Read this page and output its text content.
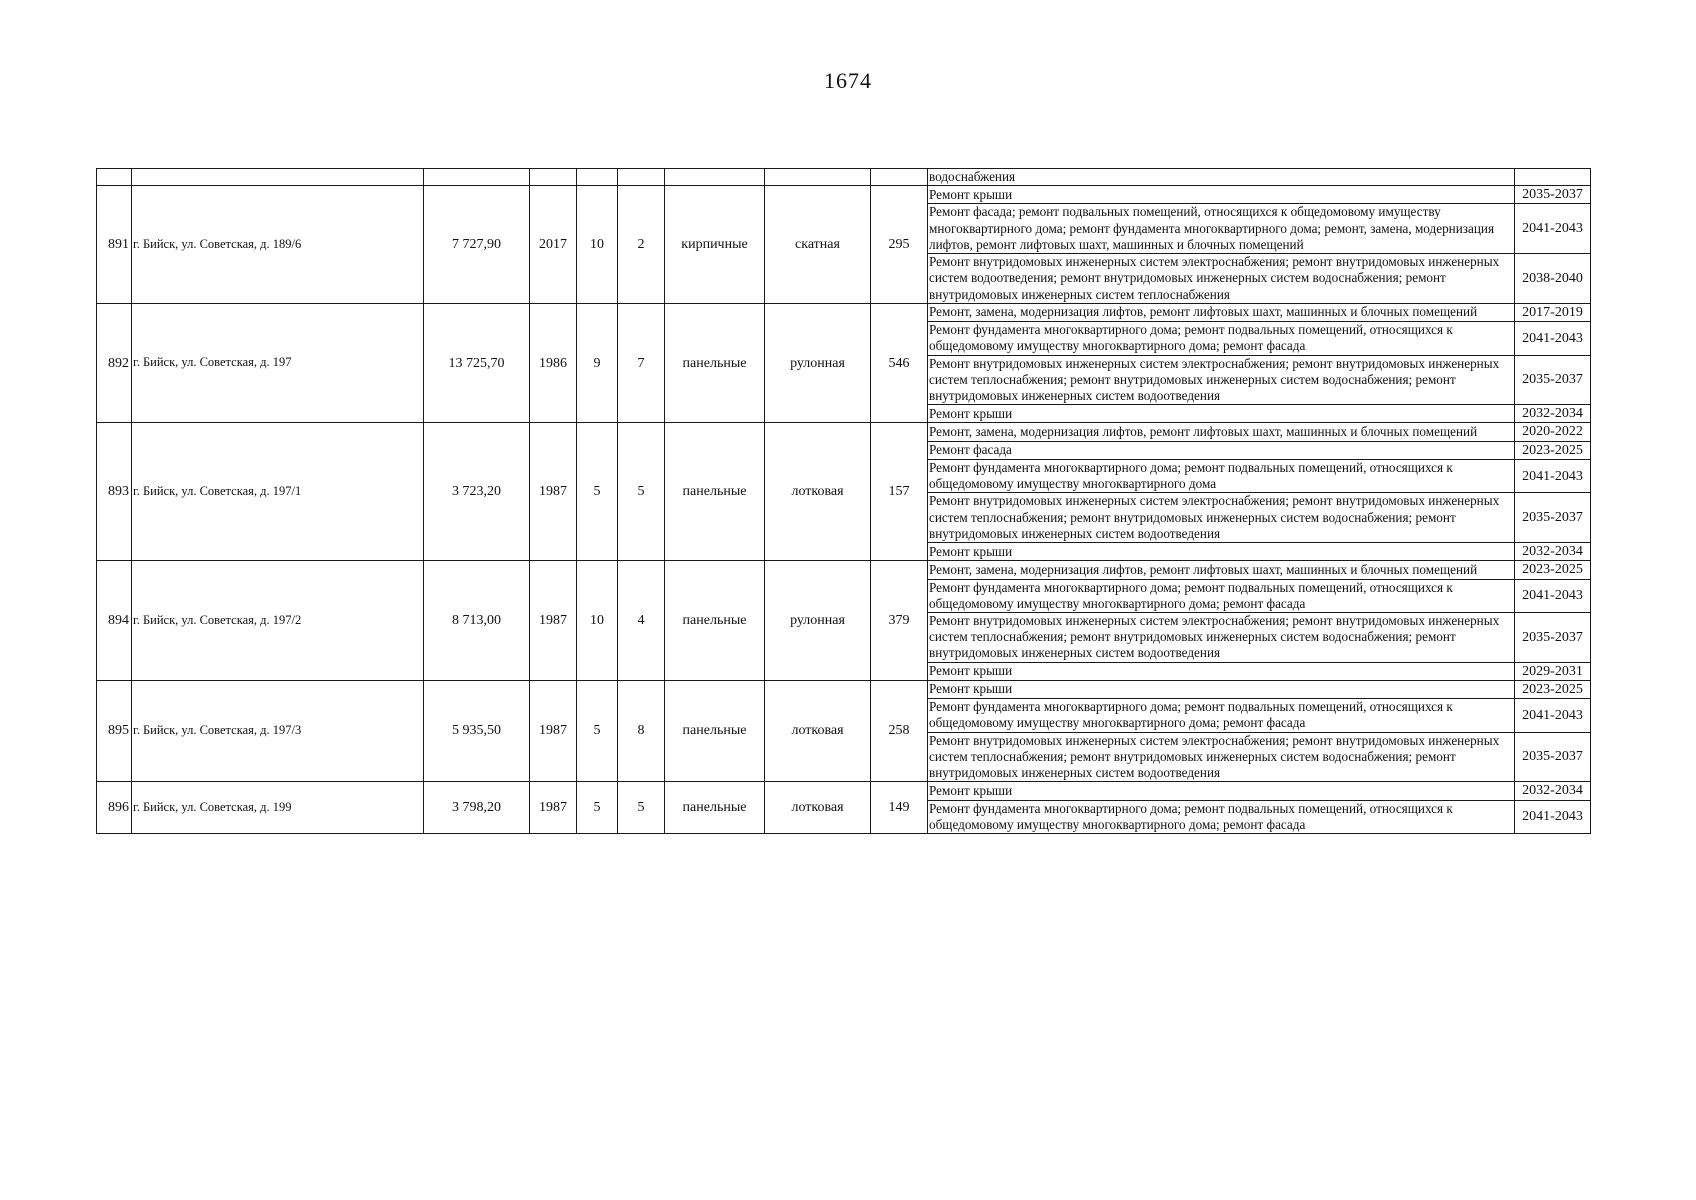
1674
									водоснабжения	
891	г. Бийск, ул. Советская, д. 189/6	7 727,90	2017	10	2	кирпичные	скатная	295	Ремонт крыши	2035-2037
									Ремонт фасада; ремонт подвальных помещений, относящихся к общедомовому имуществу многоквартирного дома; ремонт фундамента многоквартирного дома; ремонт, замена, модернизация лифтов, ремонт лифтовых шахт, машинных и блочных помещений	2041-2043
									Ремонт внутридомовых инженерных систем электроснабжения; ремонт внутридомовых инженерных систем водоотведения; ремонт внутридомовых инженерных систем водоснабжения; ремонт внутридомовых инженерных систем теплоснабжения	2038-2040
892	г. Бийск, ул. Советская, д. 197	13 725,70	1986	9	7	панельные	рулонная	546	Ремонт, замена, модернизация лифтов, ремонт лифтовых шахт, машинных и блочных помещений	2017-2019
									Ремонт фундамента многоквартирного дома; ремонт подвальных помещений, относящихся к общедомовому имуществу многоквартирного дома; ремонт фасада	2041-2043
									Ремонт внутридомовых инженерных систем электроснабжения; ремонт внутридомовых инженерных систем теплоснабжения; ремонт внутридомовых инженерных систем водоснабжения; ремонт внутридомовых инженерных систем водоотведения	2035-2037
									Ремонт крыши	2032-2034
893	г. Бийск, ул. Советская, д. 197/1	3 723,20	1987	5	5	панельные	лотковая	157	Ремонт, замена, модернизация лифтов, ремонт лифтовых шахт, машинных и блочных помещений	2020-2022
									Ремонт фасада	2023-2025
									Ремонт фундамента многоквартирного дома; ремонт подвальных помещений, относящихся к общедомовому имуществу многоквартирного дома	2041-2043
									Ремонт внутридомовых инженерных систем электроснабжения; ремонт внутридомовых инженерных систем теплоснабжения; ремонт внутридомовых инженерных систем водоснабжения; ремонт внутридомовых инженерных систем водоотведения	2035-2037
									Ремонт крыши	2032-2034
894	г. Бийск, ул. Советская, д. 197/2	8 713,00	1987	10	4	панельные	рулонная	379	Ремонт, замена, модернизация лифтов, ремонт лифтовых шахт, машинных и блочных помещений	2023-2025
									Ремонт фундамента многоквартирного дома; ремонт подвальных помещений, относящихся к общедомовому имуществу многоквартирного дома; ремонт фасада	2041-2043
									Ремонт внутридомовых инженерных систем электроснабжения; ремонт внутридомовых инженерных систем теплоснабжения; ремонт внутридомовых инженерных систем водоснабжения; ремонт внутридомовых инженерных систем водоотведения	2035-2037
									Ремонт крыши	2029-2031
895	г. Бийск, ул. Советская, д. 197/3	5 935,50	1987	5	8	панельные	лотковая	258	Ремонт крыши	2023-2025
									Ремонт фундамента многоквартирного дома; ремонт подвальных помещений, относящихся к общедомовому имуществу многоквартирного дома; ремонт фасада	2041-2043
									Ремонт внутридомовых инженерных систем электроснабжения; ремонт внутридомовых инженерных систем теплоснабжения; ремонт внутридомовых инженерных систем водоснабжения; ремонт внутридомовых инженерных систем водоотведения	2035-2037
896	г. Бийск, ул. Советская, д. 199	3 798,20	1987	5	5	панельные	лотковая	149	Ремонт крыши	2032-2034
									Ремонт фундамента многоквартирного дома; ремонт подвальных помещений, относящихся к общедомовому имуществу многоквартирного дома; ремонт фасада	2041-2043
